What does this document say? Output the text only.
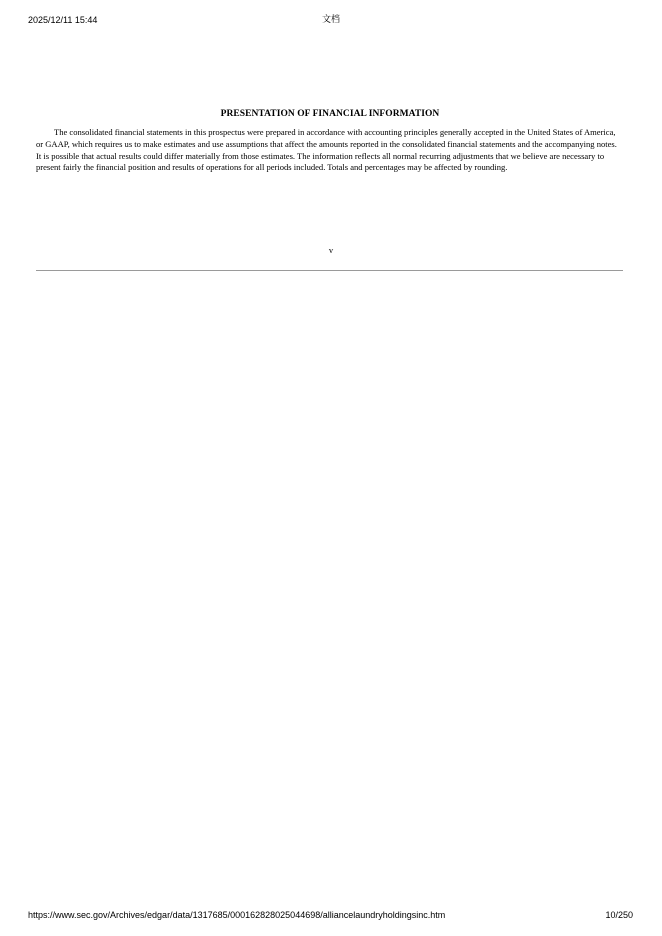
2025/12/11 15:44	文档
PRESENTATION OF FINANCIAL INFORMATION

The consolidated financial statements in this prospectus were prepared in accordance with accounting principles generally accepted in the United States of America, or GAAP, which requires us to make estimates and use assumptions that affect the amounts reported in the consolidated financial statements and the accompanying notes. It is possible that actual results could differ materially from those estimates. The information reflects all normal recurring adjustments that we believe are necessary to present fairly the financial position and results of operations for all periods included. Totals and percentages may be affected by rounding.

v
https://www.sec.gov/Archives/edgar/data/1317685/000162828025044698/alliancelaundryholdingsinc.htm	10/250
